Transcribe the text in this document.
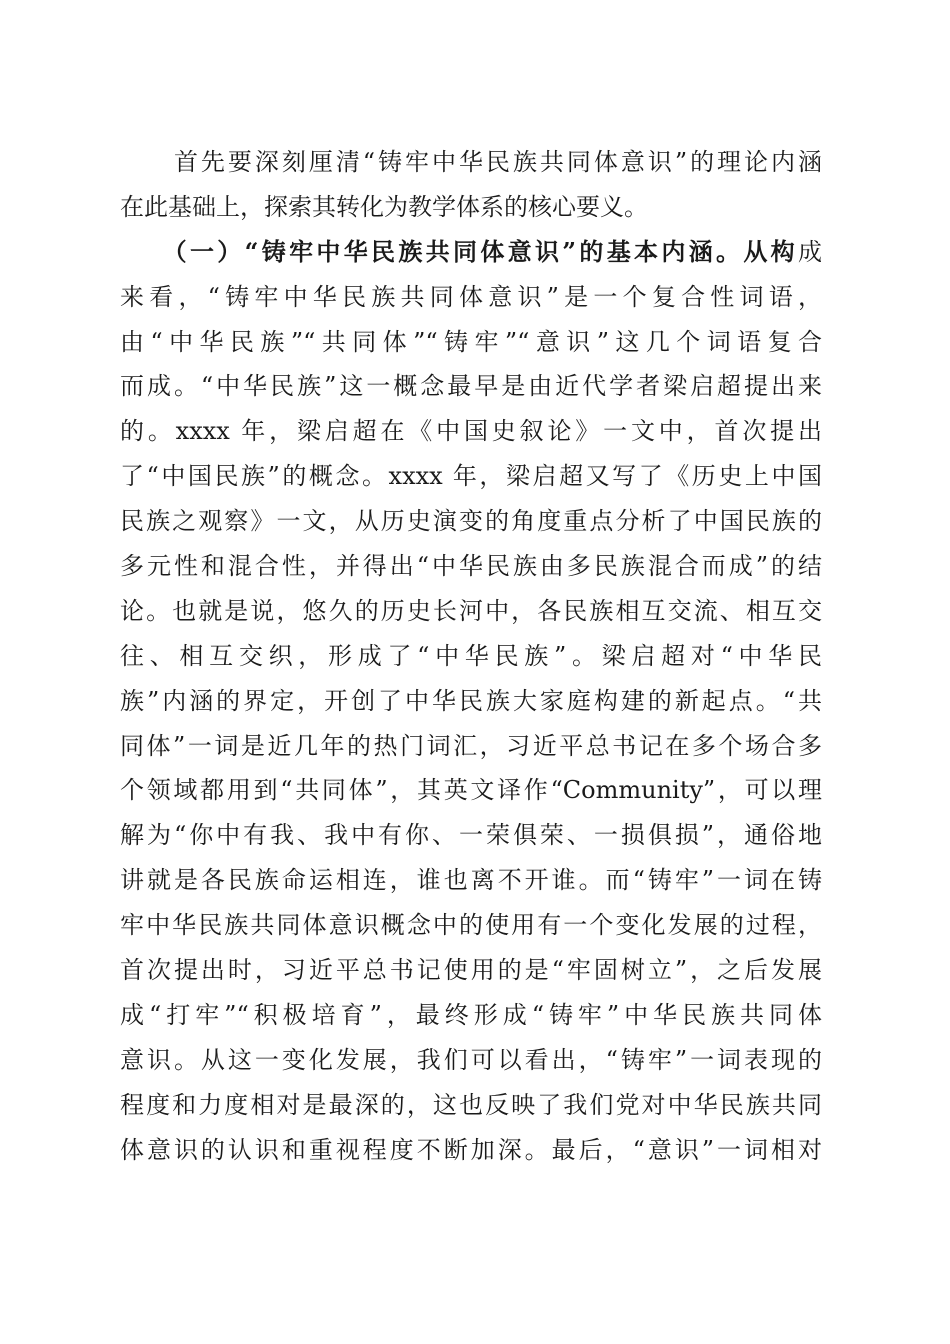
　　首先要深刻厘清“铸牢中华民族共同体意识”的理论内涵
在此基础上，探索其转化为教学体系的核心要义。
　　（一）“铸牢中华民族共同体意识”的基本内涵。从构成
来看，“铸牢中华民族共同体意识”是一个复合性词语，
由“中华民族”“共同体”“铸牢”“意识”这几个词语复合
而成。“中华民族”这一概念最早是由近代学者梁启超提出来
的。xxxx 年，梁启超在《中国史叙论》一文中，首次提出
了“中国民族”的概念。xxxx 年，梁启超又写了《历史上中国
民族之观察》一文，从历史演变的角度重点分析了中国民族的
多元性和混合性，并得出“中华民族由多民族混合而成”的结
论。也就是说，悠久的历史长河中，各民族相互交流、相互交
往、相互交织，形成了“中华民族”。梁启超对“中华民
族”内涵的界定，开创了中华民族大家庭构建的新起点。“共
同体”一词是近几年的热门词汇，习近平总书记在多个场合多
个领域都用到“共同体”，其英文译作“Community”，可以理
解为“你中有我、我中有你、一荣俱荣、一损俱损”，通俗地
讲就是各民族命运相连，谁也离不开谁。而“铸牢”一词在铸
牢中华民族共同体意识概念中的使用有一个变化发展的过程，
首次提出时，习近平总书记使用的是“牢固树立”，之后发展
成“打牢”“积极培育”，最终形成“铸牢”中华民族共同体
意识。从这一变化发展，我们可以看出，“铸牢”一词表现的
程度和力度相对是最深的，这也反映了我们党对中华民族共同
体意识的认识和重视程度不断加深。最后，“意识”一词相对
